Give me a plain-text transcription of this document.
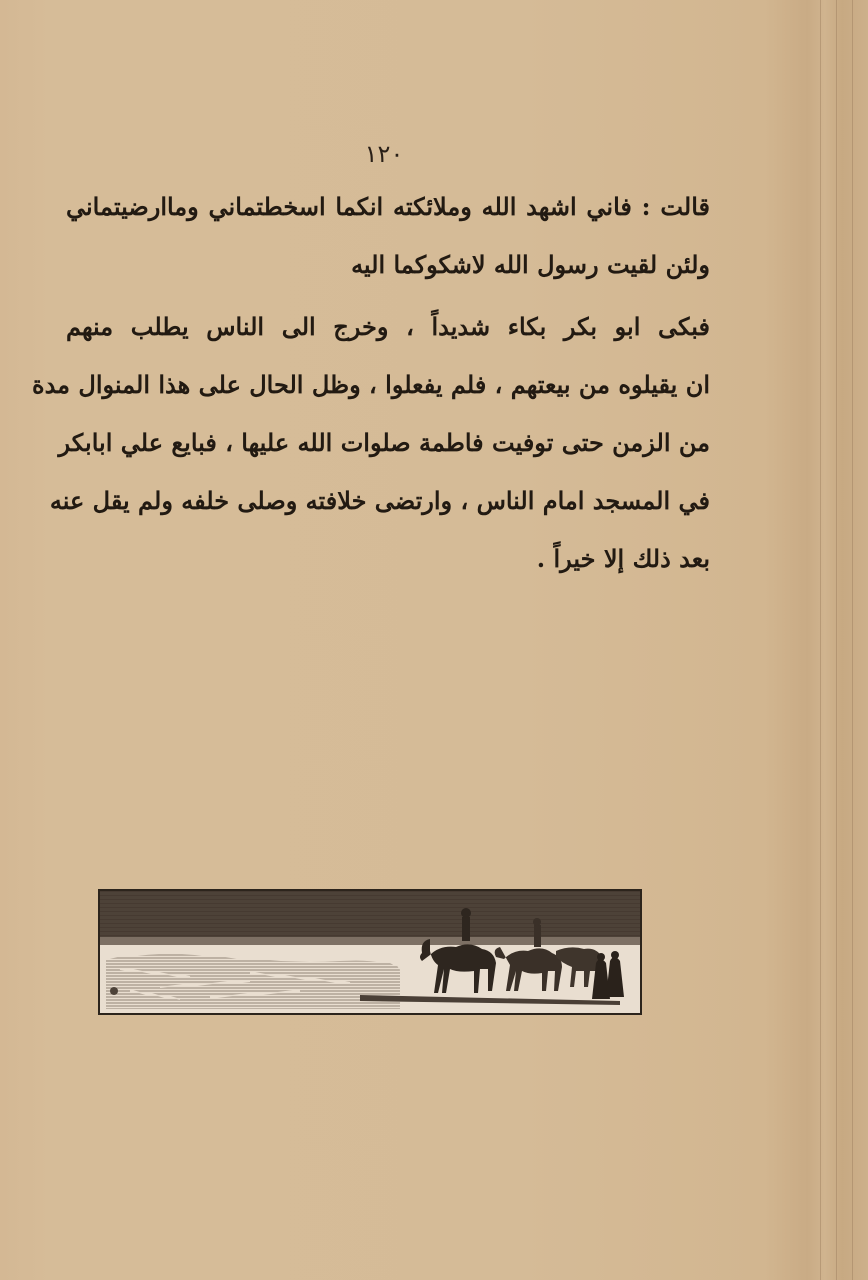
١٢٠

قالت : فاني اشهد الله وملائكته انكما اسخطتماني وماارضيتماني
ولئن لقيت رسول الله لاشكوكما اليه

فبكى ابو بكر بكاء شديداً ، وخرج الى الناس يطلب منهم
ان يقيلوه من بيعتهم ، فلم يفعلوا ، وظل الحال على هذا المنوال مدة
من الزمن حتى توفيت فاطمة صلوات الله عليها ، فبايع علي ابابكر
في المسجد امام الناس ، وارتضى خلافته وصلى خلفه ولم يقل عنه
بعد ذلك إلا خيراً .
